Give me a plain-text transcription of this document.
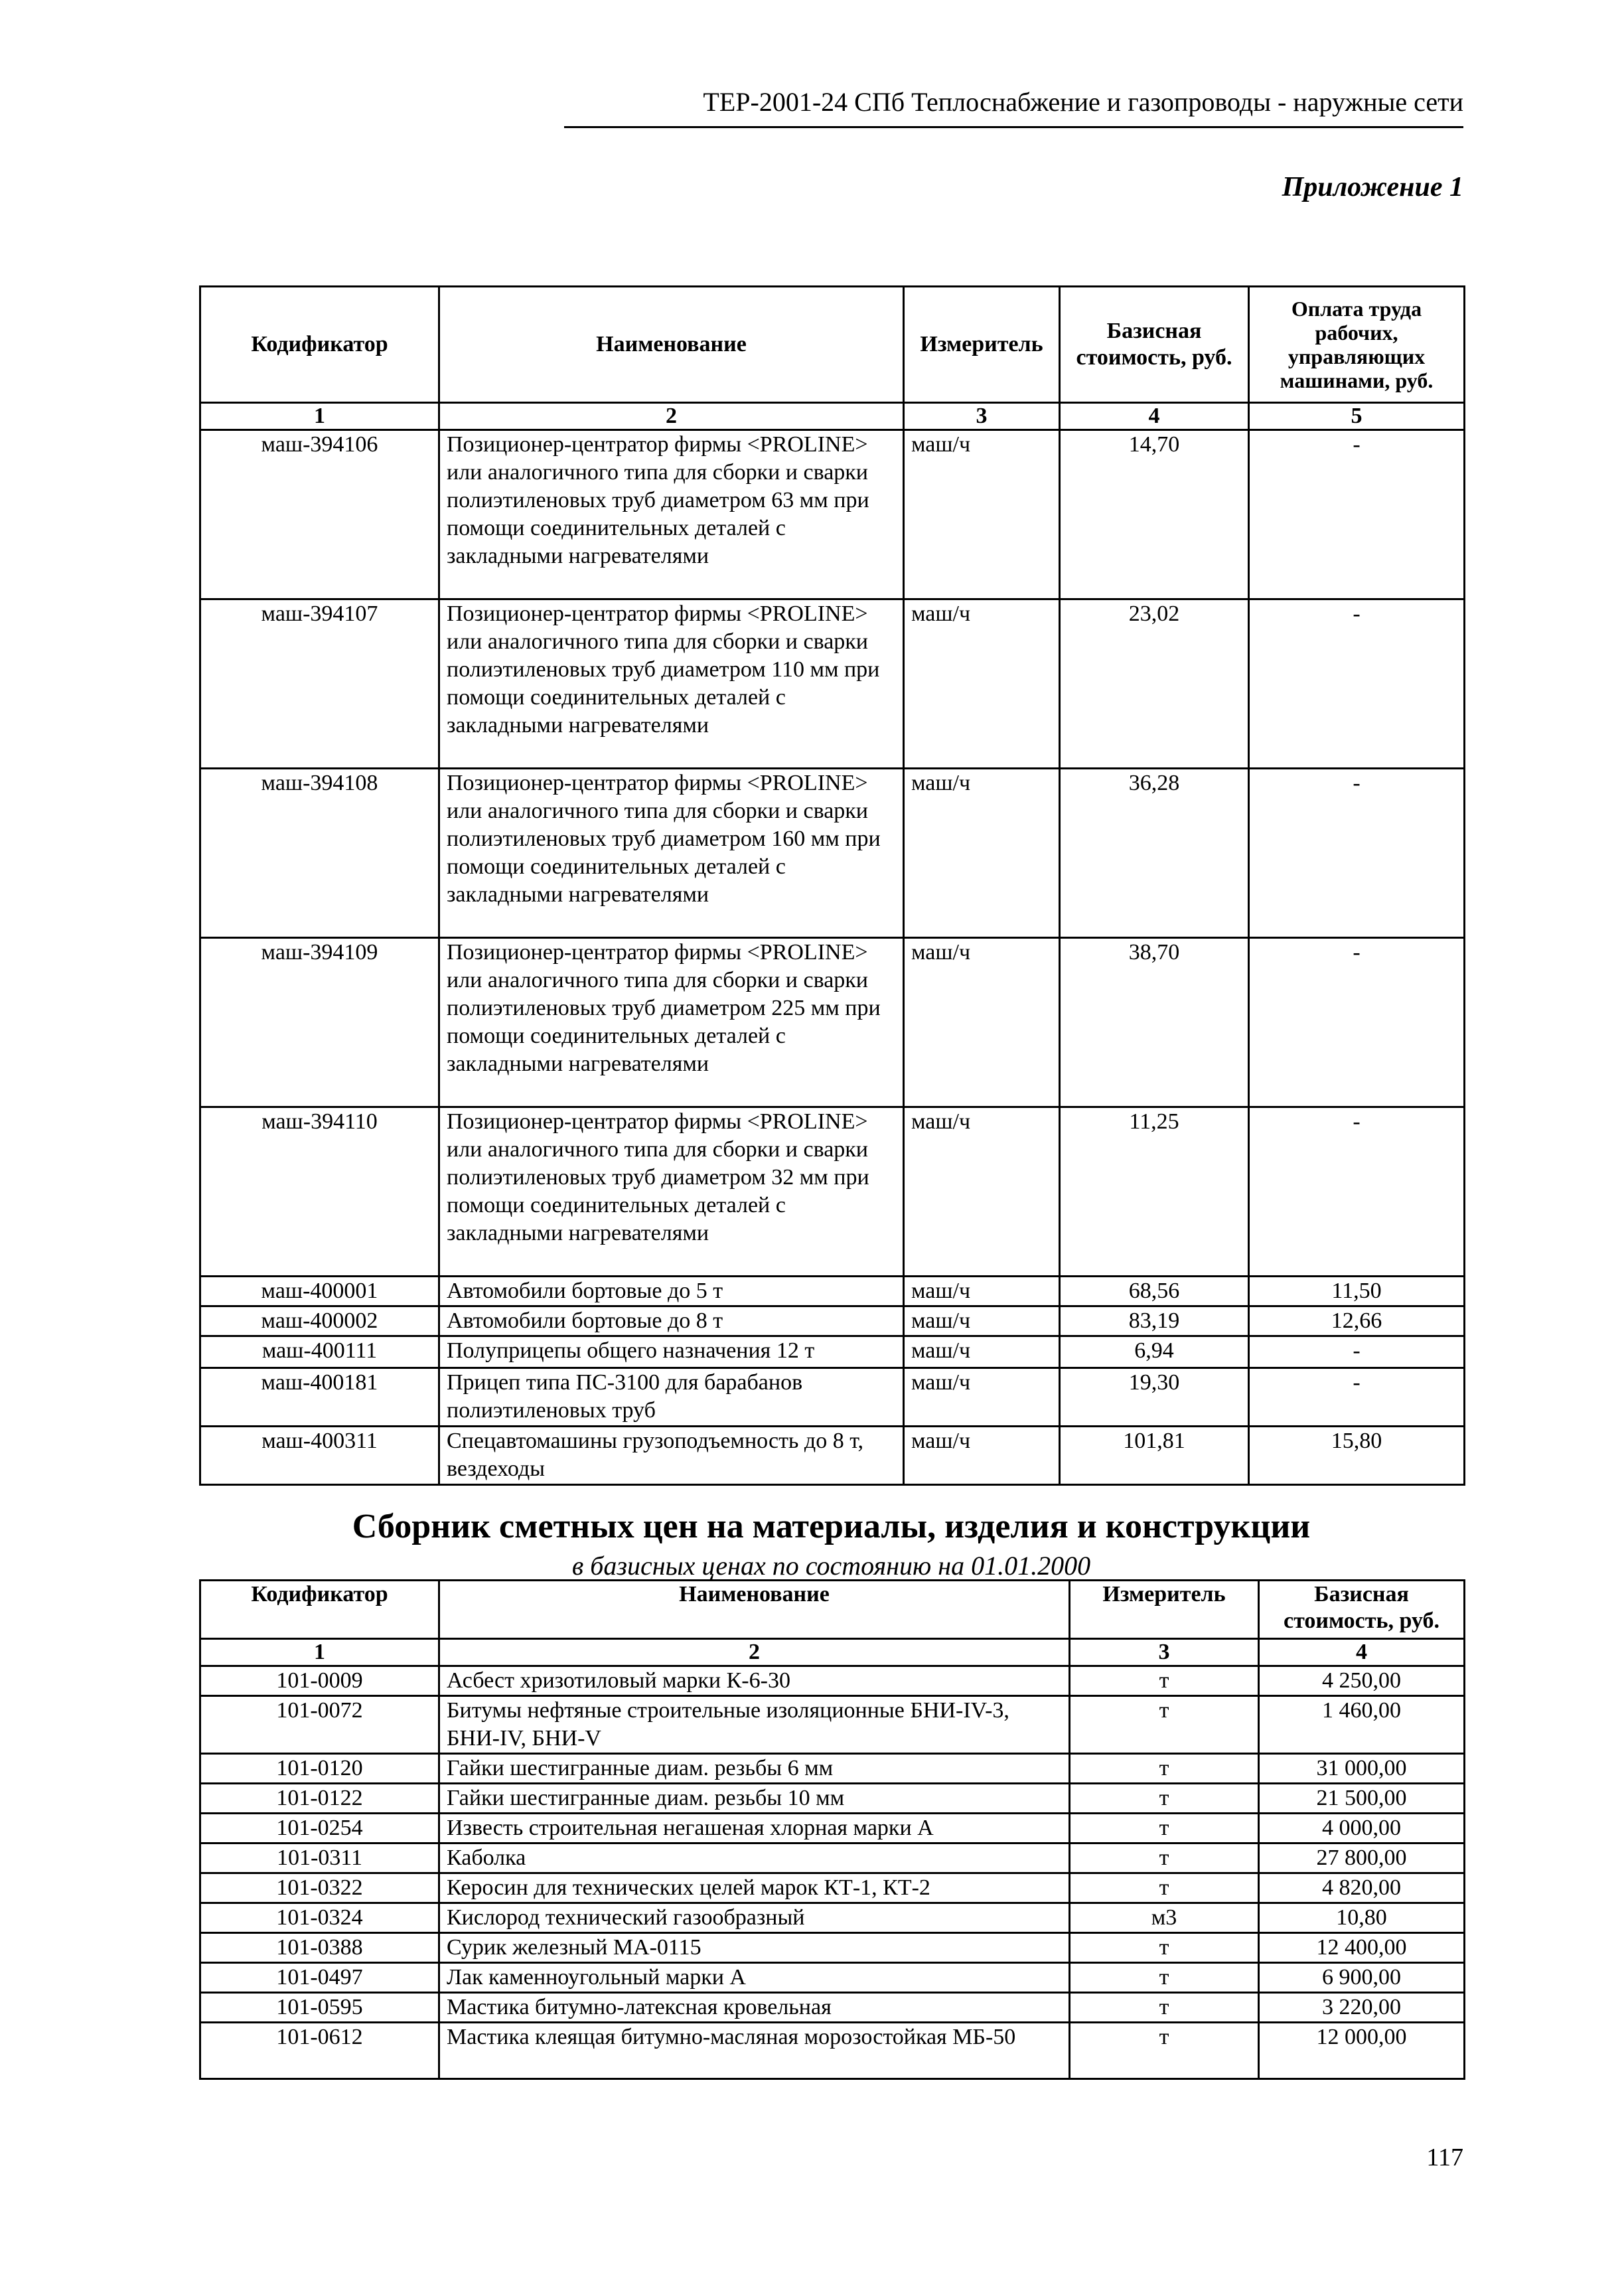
ТЕР-2001-24 СПб Теплоснабжение и газопроводы - наружные сети
Приложение 1
Кодификатор	Наименование	Измеритель	Базисная стоимость, руб.	Оплата труда рабочих, управляющих машинами, руб.
1	2	3	4	5
маш-394106	Позиционер-центратор фирмы <PROLINE> или аналогичного типа для сборки и сварки полиэтиленовых труб диаметром 63 мм при помощи соединительных деталей с закладными нагревателями	маш/ч	14,70	-
маш-394107	Позиционер-центратор фирмы <PROLINE> или аналогичного типа для сборки и сварки полиэтиленовых труб диаметром 110 мм при помощи соединительных деталей с закладными нагревателями	маш/ч	23,02	-
маш-394108	Позиционер-центратор фирмы <PROLINE> или аналогичного типа для сборки и сварки полиэтиленовых труб диаметром 160 мм при помощи соединительных деталей с закладными нагревателями	маш/ч	36,28	-
маш-394109	Позиционер-центратор фирмы <PROLINE> или аналогичного типа для сборки и сварки полиэтиленовых труб диаметром 225 мм при помощи соединительных деталей с закладными нагревателями	маш/ч	38,70	-
маш-394110	Позиционер-центратор фирмы <PROLINE> или аналогичного типа для сборки и сварки полиэтиленовых труб диаметром 32 мм при помощи соединительных деталей с закладными нагревателями	маш/ч	11,25	-
маш-400001	Автомобили бортовые до 5 т	маш/ч	68,56	11,50
маш-400002	Автомобили бортовые до 8 т	маш/ч	83,19	12,66
маш-400111	Полуприцепы общего назначения 12 т	маш/ч	6,94	-
маш-400181	Прицеп типа ПС-3100 для барабанов полиэтиленовых труб	маш/ч	19,30	-
маш-400311	Спецавтомашины грузоподъемность до 8 т, вездеходы	маш/ч	101,81	15,80
Сборник сметных цен на материалы, изделия и конструкции
в базисных ценах по состоянию на 01.01.2000
Кодификатор	Наименование	Измеритель	Базисная стоимость, руб.
1	2	3	4
101-0009	Асбест хризотиловый марки К-6-30	т	4 250,00
101-0072	Битумы нефтяные строительные изоляционные БНИ-IV-3, БНИ-IV, БНИ-V	т	1 460,00
101-0120	Гайки шестигранные диам. резьбы 6 мм	т	31 000,00
101-0122	Гайки шестигранные диам. резьбы 10 мм	т	21 500,00
101-0254	Известь строительная негашеная хлорная марки А	т	4 000,00
101-0311	Каболка	т	27 800,00
101-0322	Керосин для технических целей марок КТ-1, КТ-2	т	4 820,00
101-0324	Кислород технический газообразный	м3	10,80
101-0388	Сурик железный МА-0115	т	12 400,00
101-0497	Лак каменноугольный марки А	т	6 900,00
101-0595	Мастика битумно-латексная кровельная	т	3 220,00
101-0612	Мастика клеящая битумно-масляная морозостойкая МБ-50	т	12 000,00
117
